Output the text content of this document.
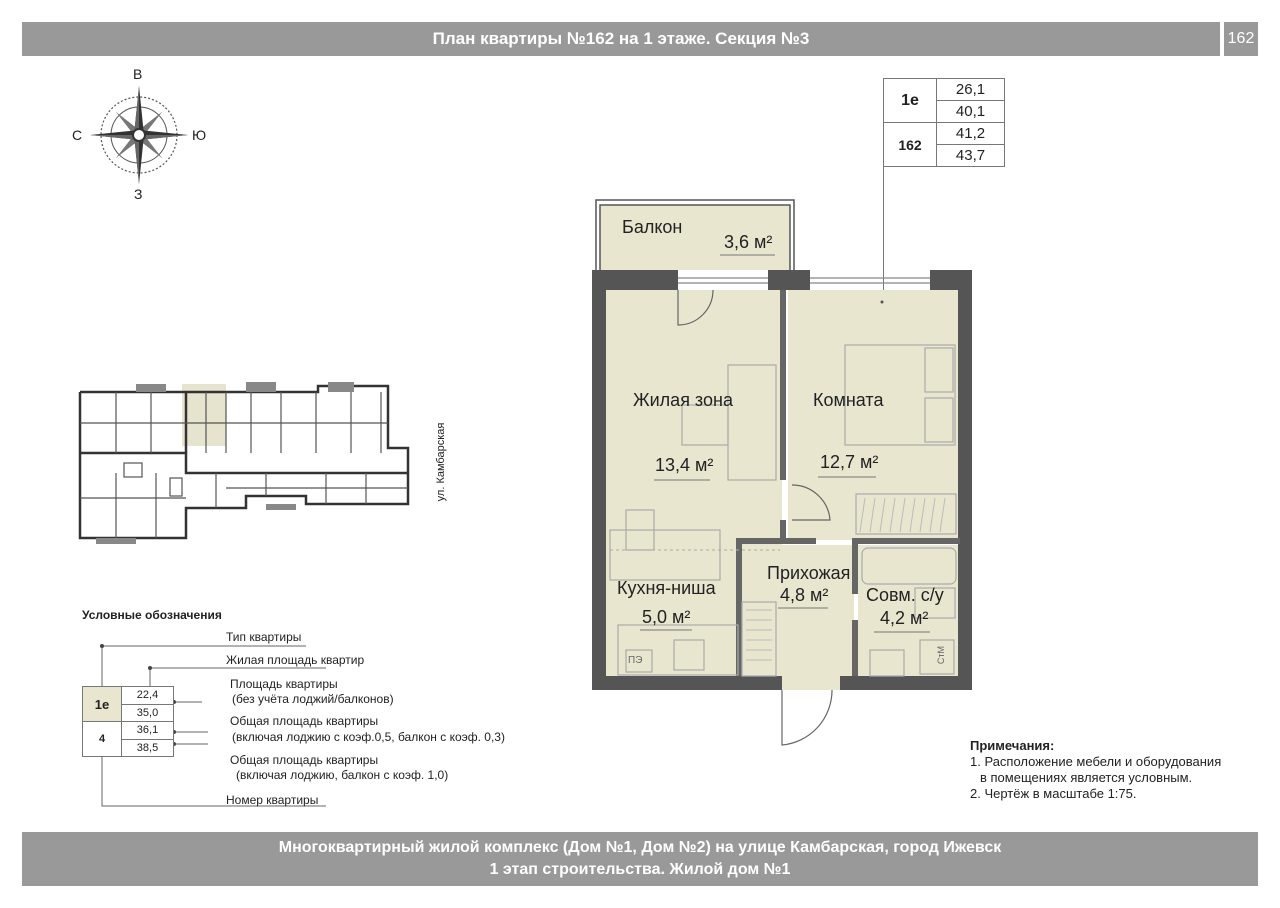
План квартиры №162 на 1 этаже. Секция №3	162
В
З
С	Ю
ул. Камбарская
1e	26,1
	40,1
162	41,2
	43,7
Балкон
3,6 м²
Жилая зона
13,4 м²
Комната
12,7 м²
Кухня-ниша
5,0 м²
Прихожая
4,8 м² Совм. с/у
4,2 м²
ПЭ	СтМ
Условные обозначения
1e	22,4
	35,0
4	36,1
	38,5
Тип квартиры
Жилая площадь квартир
Площадь квартиры
(без учёта лоджий/балконов)
Общая площадь квартиры
(включая лоджию с коэф.0,5, балкон с коэф. 0,3)
Общая площадь квартиры
(включая лоджию, балкон с коэф. 1,0)
Номер квартиры
Примечания:
1. Расположение мебели и оборудования
в помещениях является условным.
2. Чертёж в масштабе 1:75.
Многоквартирный жилой комплекс (Дом №1, Дом №2) на улице Камбарская, город Ижевск
1 этап строительства. Жилой дом №1
